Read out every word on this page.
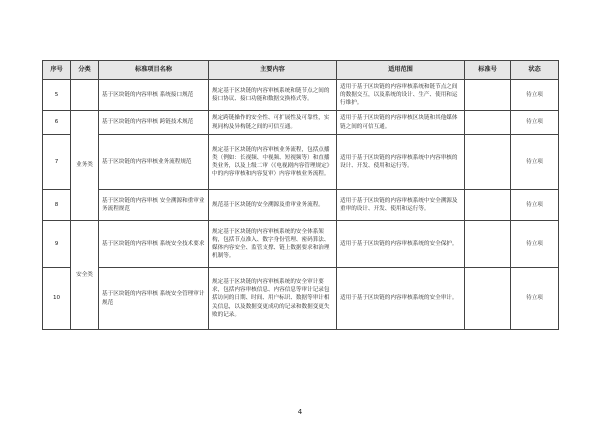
序号	分类	标准项目名称	主要内容	适用范围	标准号	状态
5		基于区块链的内容审核 系统接口规范	规定基于区块链的内容审核系统和链节点之间的接口协议、接口功能和数据交换格式等。	适用于基于区块链的内容审核系统和链节点之间的数据交互，以及系统的设计、生产、使用和运行维护。		待立项
6	业务类	基于区块链的内容审核 跨链技术规范	规定跨链操作的安全性、可扩展性及可靠性，实现同构及异构链之间的可信互通。	适用于基于区块链的内容审核区块链和其他媒体链之间的可信互通。		待立项
7		基于区块链的内容审核业务流程规范	规定基于区块链的内容审核业务流程，包括点播类（例如：长视频、中视频、短视频等）和直播类业务，以及上级二审（《电视剧内容管理规定》中的内容审核和内容复审）内容审核业务流程。	适用于基于区块链的内容审核系统中内容审核的设计、开发、使用和运行等。		待立项
8		基于区块链的内容审核 安全溯源和重审业务流程规范	规范基于区块链的安全溯源及重审业务流程。	适用于基于区块链的内容审核系统中安全溯源及重审的设计、开发、使用和运行等。		待立项
9	安全类	基于区块链的内容审核 系统安全技术要求	规定基于区块链的内容审核系统的安全体系架构，包括节点准入、数字身份管理、密码算法、媒体内容安全、监管支撑、链上数据要求和治理机制等。	适用于基于区块链的内容审核系统的安全保护。		待立项
10		基于区块链的内容审核 系统安全管理审计规范	规定基于区块链的内容审核系统的安全审计要求，包括内容审核信息、内容信息等审计记录包括访问的日期、时间、用户标识、数据等审计相关信息，以及数据变更成功的记录和数据变更失败的记录。	适用于基于区块链的内容审核系统的安全审计。		待立项
4
